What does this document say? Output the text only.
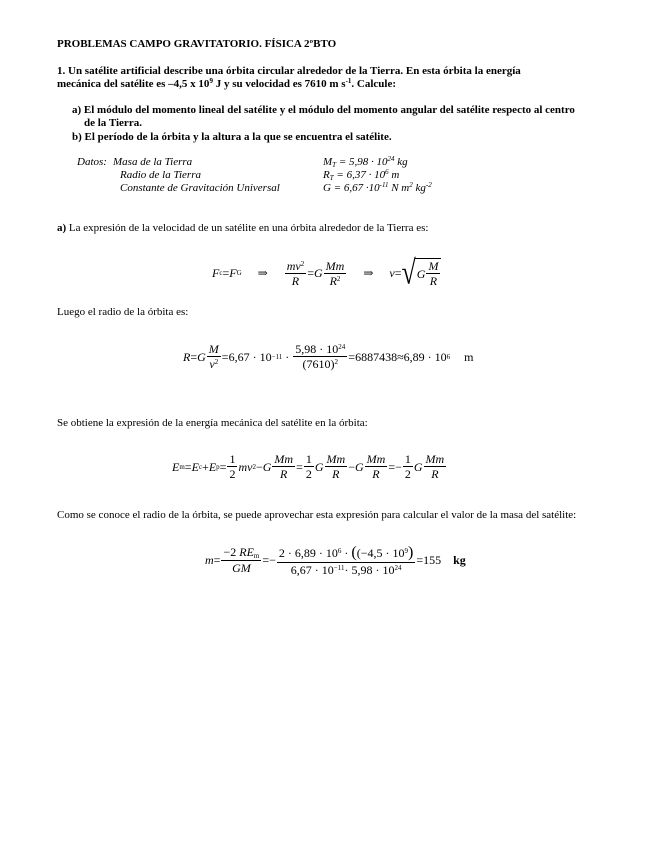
PROBLEMAS CAMPO GRAVITATORIO. FÍSICA 2ºBTO
1. Un satélite artificial describe una órbita circular alrededor de la Tierra. En esta órbita la energía
mecánica del satélite es –4,5 x $10^9$ J y su velocidad es 7610 m $s^{-1}$. Calcule:
a) El módulo del momento lineal del satélite y el módulo del momento angular del satélite respecto al centro
de la Tierra.
b) El período de la órbita y la altura a la que se encuentra el satélite.
Datos: Masa de la Tierra
Radio de la Tierra
Constante de Gravitación Universal
$M_T = 5,98 \cdot 10^{24}$ kg
$R_T = 6,37 \cdot 10^6$ m
$G = 6,67 \cdot 10^{-11}$ N $m^2$ $kg^{-2}$
a) La expresión de la velocidad de un satélite en una órbita alrededor de la Tierra es:
F c = F G ⇒ $\frac{mv^2}{R} = G \frac{Mm}{R^2}$ ⇒ v = √ G $\frac{M}{R}$
Luego el radio de la órbita es:
R = G $\frac{M}{v^2} = 6,67 \cdot 10 -11 \cdot \frac{5,98 \cdot 10^{24}}{(7610)^2} = 6887438\approx 6,89 \cdot 10$ 6 m
Se obtiene la expresión de la energía mecánica del satélite en la órbita:
E m = E c + E $p = \frac{1}{2}$ mv 2 − G $\frac{Mm}{R} = \frac{1}{2}$ G $\frac{Mm}{R} - G \frac{Mm}{R} =- \frac{1}{2}$ G $\frac{Mm}{R}$
Como se conoce el radio de la órbita, se puede aprovechar esta expresión para calcular el valor de la masa del satélite:
$m = \frac{-2 RE_m}{GM} =- \frac{2 \cdot 6,89 \cdot 10^6 \cdot ((-4,5 \cdot 10^9)}{6,67 \cdot 10^{-11}\cdot 5,98 \cdot 10^{24}} = 155$ kg
